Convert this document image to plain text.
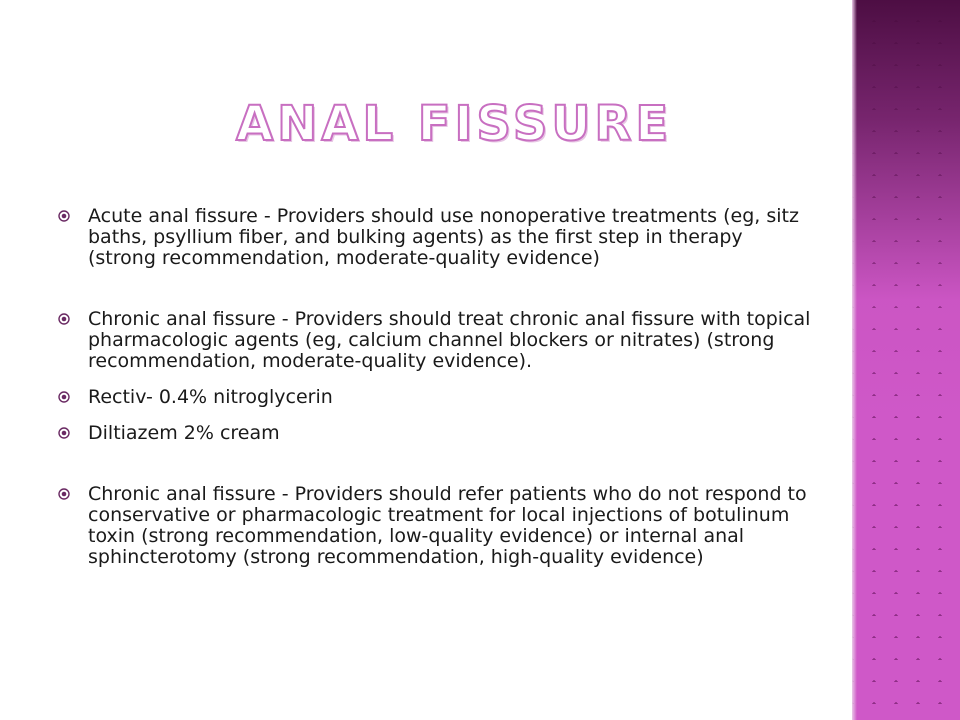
ANAL FISSURE
Acute anal fissure - Providers should use nonoperative treatments (eg, sitz baths, psyllium fiber, and bulking agents) as the first step in therapy (strong recommendation, moderate-quality evidence)
Chronic anal fissure - Providers should treat chronic anal fissure with topical pharmacologic agents (eg, calcium channel blockers or nitrates) (strong recommendation, moderate-quality evidence).
Rectiv- 0.4% nitroglycerin
Diltiazem 2% cream
Chronic anal fissure - Providers should refer patients who do not respond to conservative or pharmacologic treatment for local injections of botulinum toxin (strong recommendation, low-quality evidence) or internal anal sphincterotomy (strong recommendation, high-quality evidence)
